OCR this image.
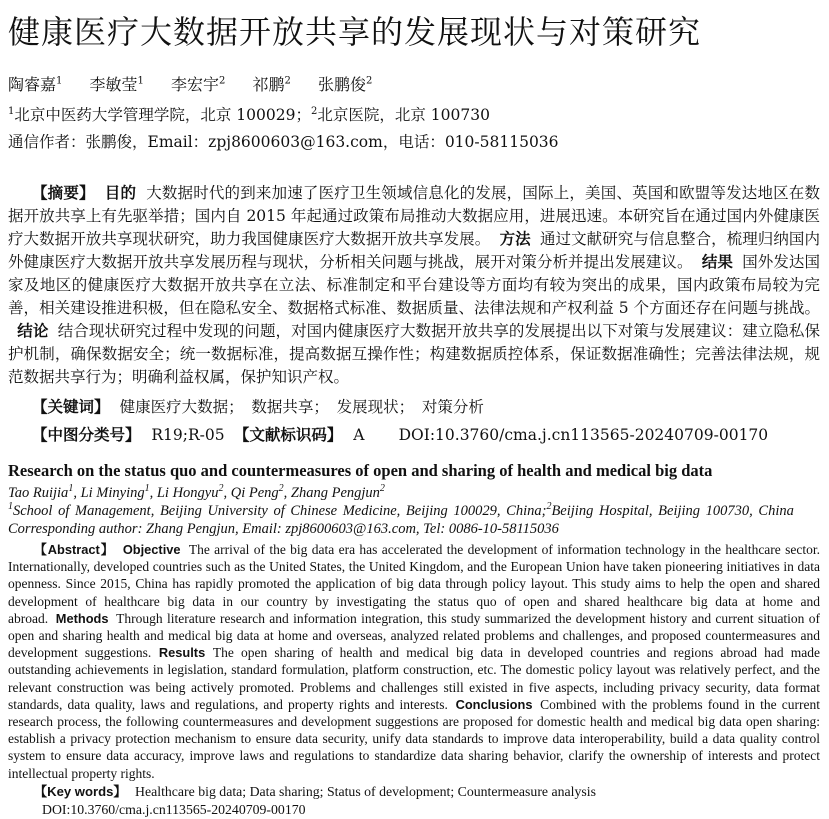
健康医疗大数据开放共享的发展现状与对策研究

陶睿嘉$^1$ 李敏莹$^1$ 李宏宇$^2$ 祁鹏$^2$ 张鹏俊$^2$

$^1$北京中医药大学管理学院，北京 100029；$^2$北京医院，北京 100730

通信作者：张鹏俊，Email：zpj8600603@163.com，电话：010-58115036

【摘要】 目的 大数据时代的到来加速了医疗卫生领域信息化的发展，国际上，美国、英国和欧盟等发达地区在数据开放共享上有先驱举措；国内自 2015 年起通过政策布局推动大数据应用，进展迅速。本研究旨在通过国内外健康医疗大数据开放共享现状研究，助力我国健康医疗大数据开放共享发展。 方法 通过文献研究与信息整合，梳理归纳国内外健康医疗大数据开放共享发展历程与现状，分析相关问题与挑战，展开对策分析并提出发展建议。 结果 国外发达国家及地区的健康医疗大数据开放共享在立法、标准制定和平台建设等方面均有较为突出的成果，国内政策布局较为完善，相关建设推进积极，但在隐私安全、数据格式标准、数据质量、法律法规和产权利益 5 个方面还存在问题与挑战。结论 结合现状研究过程中发现的问题，对国内健康医疗大数据开放共享的发展提出以下对策与发展建议：建立隐私保护机制，确保数据安全；统一数据标准，提高数据互操作性；构建数据质控体系，保证数据准确性；完善法律法规，规范数据共享行为；明确利益权属，保护知识产权。

【关键词】 健康医疗大数据；　数据共享；　发展现状；　对策分析

【中图分类号】 R19;R-05 【文献标识码】 A DOI:10.3760/cma.j.cn113565-20240709-00170

Research on the status quo and countermeasures of open and sharing of health and medical big data

Tao Ruijia$^1$, Li Minying$^1$, Li Hongyu$^2$, Qi Peng$^2$, Zhang Pengjun$^2$

$^1$School of Management, Beijing University of Chinese Medicine, Beijing 100029, China;$^2$Beijing Hospital, Beijing 100730, China

Corresponding author: Zhang Pengjun, Email: zpj8600603@163.com, Tel: 0086-10-58115036

【Abstract】 Objective The arrival of the big data era has accelerated the development of information technology in the healthcare sector. Internationally, developed countries such as the United States, the United Kingdom, and the European Union have taken pioneering initiatives in data openness. Since 2015, China has rapidly promoted the application of big data through policy layout. This study aims to help the open and shared development of healthcare big data in our country by investigating the status quo of open and shared healthcare big data at home and abroad. Methods Through literature research and information integration, this study summarized the development history and current situation of open and sharing health and medical big data at home and overseas, analyzed related problems and challenges, and proposed countermeasures and development suggestions. Results The open sharing of health and medical big data in developed countries and regions abroad had made outstanding achievements in legislation, standard formulation, platform construction, etc. The domestic policy layout was relatively perfect, and the relevant construction was being actively promoted. Problems and challenges still existed in five aspects, including privacy security, data format standards, data quality, laws and regulations, and property rights and interests. Conclusions Combined with the problems found in the current research process, the following countermeasures and development suggestions are proposed for domestic health and medical big data open sharing: establish a privacy protection mechanism to ensure data security, unify data standards to improve data interoperability, build a data quality control system to ensure data accuracy, improve laws and regulations to standardize data sharing behavior, clarify the ownership of interests and protect intellectual property rights.

【Key words】 Healthcare big data; Data sharing; Status of development; Countermeasure analysis

DOI:10.3760/cma.j.cn113565-20240709-00170
